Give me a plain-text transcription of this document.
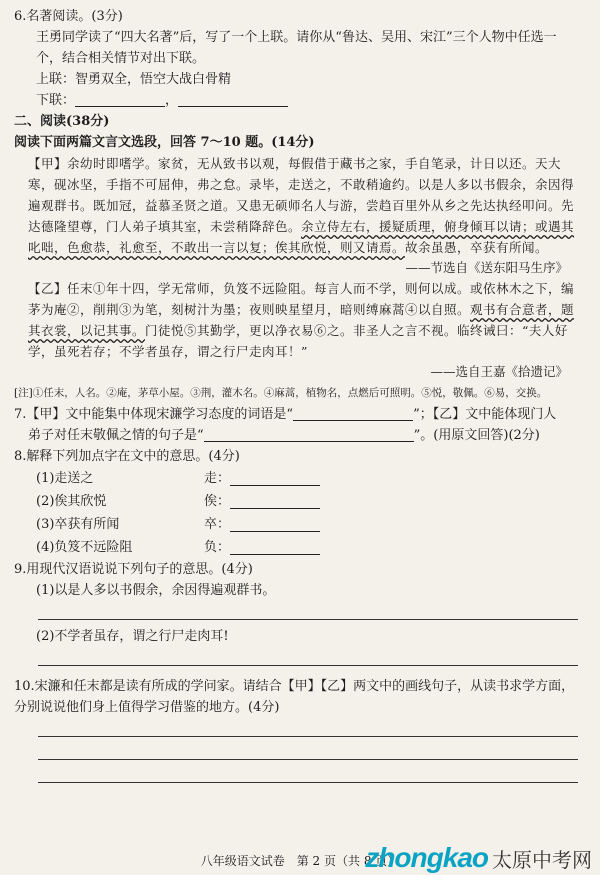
6.名著阅读。(3分)

王勇同学读了“四大名著”后，写了一个上联。请你从“鲁达、吴用、宋江”三个人物中任选一个，结合相关情节对出下联。

上联：智勇双全，悟空大战白骨精

下联：	，

二、阅读(38分)

阅读下面两篇文言文选段，回答 7～10 题。(14分)

【甲】余幼时即嗜学。家贫，无从致书以观，每假借于藏书之家，手自笔录，计日以还。天大寒，砚冰坚，手指不可屈伸，弗之怠。录毕，走送之，不敢稍逾约。以是人多以书假余，余因得遍观群书。既加冠，益慕圣贤之道。又患无硕师名人与游，尝趋百里外从乡之先达执经叩问。先达德隆望尊，门人弟子填其室，未尝稍降辞色。余立侍左右，援疑质理，俯身倾耳以请；或遇其叱咄，色愈恭，礼愈至，不敢出一言以复；俟其欣悦，则又请焉。故余虽愚，卒获有所闻。

——节选自《送东阳马生序》

【乙】任末①年十四，学无常师，负笈不远险阻。每言人而不学，则何以成。或依林木之下，编茅为庵②，削荆③为笔，刻树汁为墨；夜则映星望月，暗则缚麻蒿④以自照。观书有合意者，题其衣裳，以记其事。门徒悦⑤其勤学，更以净衣易⑥之。非圣人之言不视。临终诫曰：“夫人好学，虽死若存；不学者虽存，谓之行尸走肉耳！”

——选自王嘉《拾遗记》

[注]①任末，人名。②庵，茅草小屋。③荆，灌木名。④麻蒿，植物名，点燃后可照明。⑤悦，敬佩。⑥易，交换。

7.【甲】文中能集中体现宋濂学习态度的词语是“	”；【乙】文中能体现门人
弟子对任末敬佩之情的句子是“	”。(用原文回答)(2分)

8.解释下列加点字在文中的意思。(4分)

(1)走送之	走：
(2)俟其欣悦	俟：
(3)卒获有所闻	卒：
(4)负笈不远险阻	负：

9.用现代汉语说说下列句子的意思。(4分)

(1)以是人多以书假余，余因得遍观群书。

(2)不学者虽存，谓之行尸走肉耳!

10.宋濂和任末都是读有所成的学问家。请结合【甲】【乙】两文中的画线句子，从读书求学方面，分别说说他们身上值得学习借鉴的地方。(4分)

八年级语文试卷　第 2 页（共 8 页）
zhongkao 太原中考网
